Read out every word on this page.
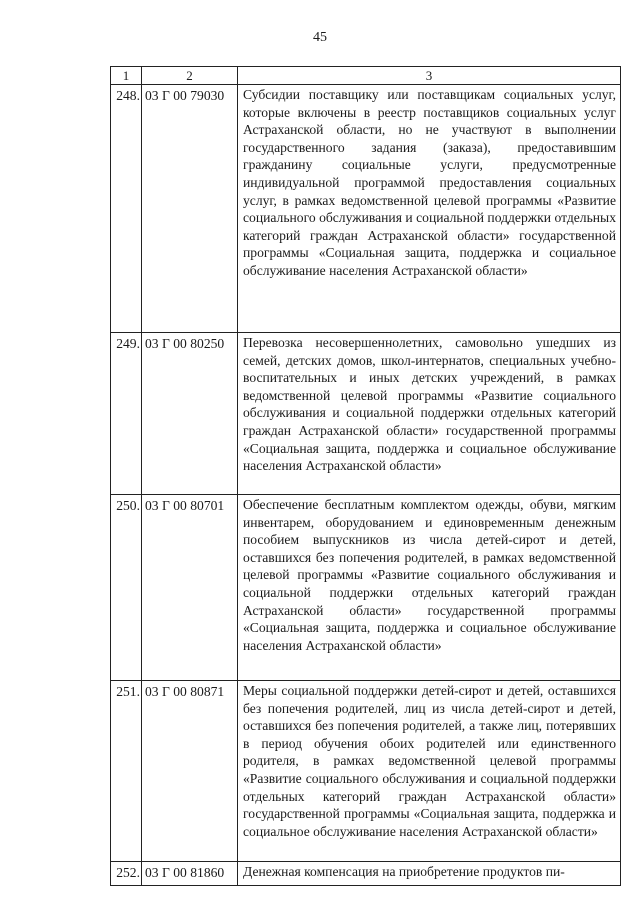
45
1	2	3
248.	03 Г 00 79030	Субсидии поставщику или поставщикам социальных услуг, которые включены в реестр поставщиков социальных услуг Астраханской области, но не участвуют в выполнении государственного задания (заказа), предоставившим гражданину социальные услуги, предусмотренные индивидуальной программой предоставления социальных услуг, в рамках ведомственной целевой программы «Развитие социального обслуживания и социальной поддержки отдельных категорий граждан Астраханской области» государственной программы «Социальная защита, поддержка и социальное обслуживание населения Астраханской области»
249.	03 Г 00 80250	Перевозка несовершеннолетних, самовольно ушедших из семей, детских домов, школ-интернатов, специальных учебно-воспитательных и иных детских учреждений, в рамках ведомственной целевой программы «Развитие социального обслуживания и социальной поддержки отдельных категорий граждан Астраханской области» государственной программы «Социальная защита, поддержка и социальное обслуживание населения Астраханской области»
250.	03 Г 00 80701	Обеспечение бесплатным комплектом одежды, обуви, мягким инвентарем, оборудованием и единовременным денежным пособием выпускников из числа детей-сирот и детей, оставшихся без попечения родителей, в рамках ведомственной целевой программы «Развитие социального обслуживания и социальной поддержки отдельных категорий граждан Астраханской области» государственной программы «Социальная защита, поддержка и социальное обслуживание населения Астраханской области»
251.	03 Г 00 80871	Меры социальной поддержки детей-сирот и детей, оставшихся без попечения родителей, лиц из числа детей-сирот и детей, оставшихся без попечения родителей, а также лиц, потерявших в период обучения обоих родителей или единственного родителя, в рамках ведомственной целевой программы «Развитие социального обслуживания и социальной поддержки отдельных категорий граждан Астраханской области» государственной программы «Социальная защита, поддержка и социальное обслуживание населения Астраханской области»
252.	03 Г 00 81860	Денежная компенсация на приобретение продуктов пи-
